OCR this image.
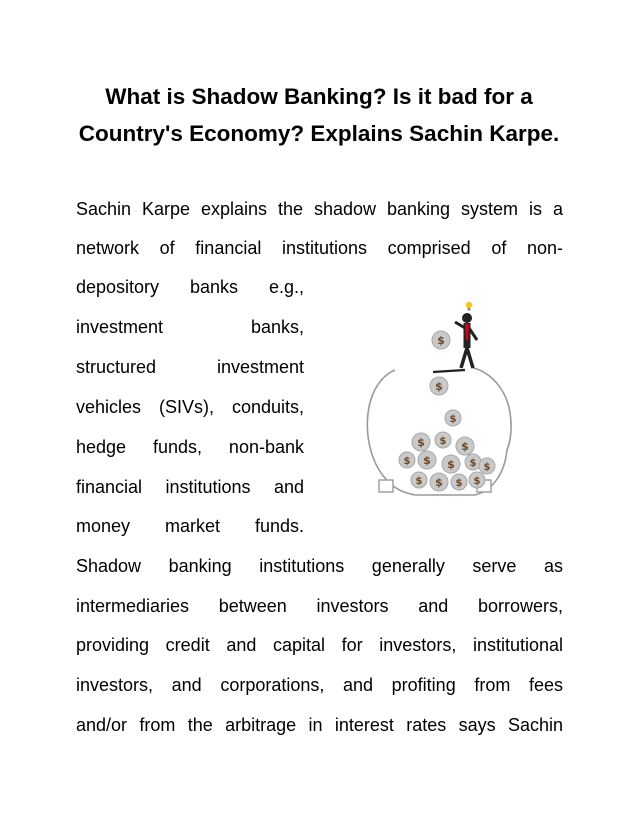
What is Shadow Banking? Is it bad for a
Country's Economy? Explains Sachin Karpe.
Sachin Karpe explains the shadow banking system is a
network of financial institutions comprised of non-
depository banks e.g.,
investment banks,
structured investment
vehicles (SIVs), conduits,
hedge funds, non-bank
financial institutions and
money market funds.
Shadow banking institutions generally serve as
intermediaries between investors and borrowers,
providing credit and capital for investors, institutional
investors, and corporations, and profiting from fees
and/or from the arbitrage in interest rates says Sachin
$
$
$
$ $ $
$ $ $ $ $
$ $ $ $
